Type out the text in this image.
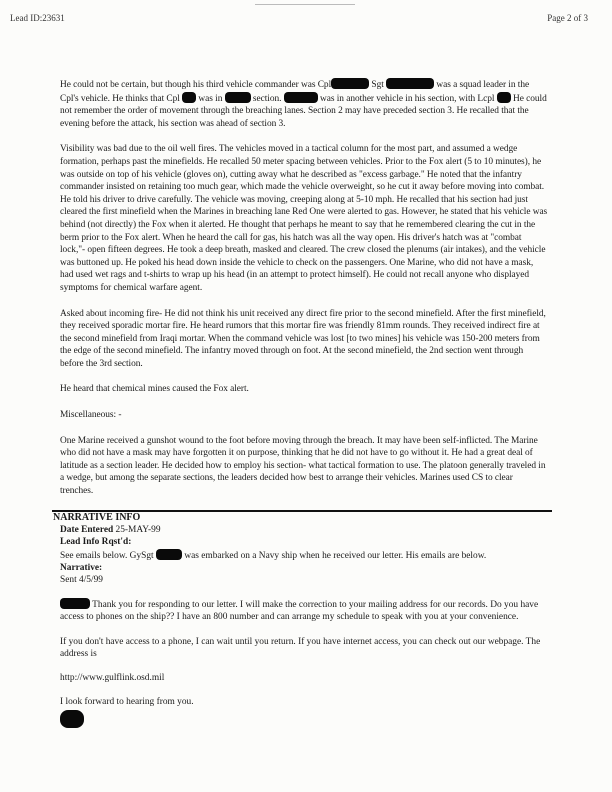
Lead ID:23631	Page 2 of 3

He could not be certain, but though his third vehicle commander was Cpl	Sgt	was a squad leader in the Cpl's vehicle. He thinks that Cpl  was in	section.	was in another vehicle in his section, with Lcpl  He could not remember the order of movement through the breaching lanes. Section 2 may have preceded section 3. He recalled that the evening before the attack, his section was ahead of section 3.

Visibility was bad due to the oil well fires. The vehicles moved in a tactical column for the most part, and assumed a wedge formation, perhaps past the minefields. He recalled 50 meter spacing between vehicles. Prior to the Fox alert (5 to 10 minutes), he was outside on top of his vehicle (gloves on), cutting away what he described as "excess garbage." He noted that the infantry commander insisted on retaining too much gear, which made the vehicle overweight, so he cut it away before moving into combat. He told his driver to drive carefully. The vehicle was moving, creeping along at 5-10 mph. He recalled that his section had just cleared the first minefield when the Marines in breaching lane Red One were alerted to gas. However, he stated that his vehicle was behind (not directly) the Fox when it alerted. He thought that perhaps he meant to say that he remembered clearing the cut in the berm prior to the Fox alert. When he heard the call for gas, his hatch was all the way open. His driver's hatch was at "combat lock,"- open fifteen degrees. He took a deep breath, masked and cleared. The crew closed the plenums (air intakes), and the vehicle was buttoned up. He poked his head down inside the vehicle to check on the passengers. One Marine, who did not have a mask, had used wet rags and t-shirts to wrap up his head (in an attempt to protect himself). He could not recall anyone who displayed symptoms for chemical warfare agent.

Asked about incoming fire- He did not think his unit received any direct fire prior to the second minefield. After the first minefield, they received sporadic mortar fire. He heard rumors that this mortar fire was friendly 81mm rounds. They received indirect fire at the second minefield from Iraqi mortar. When the command vehicle was lost [to two mines] his vehicle was 150-200 meters from the edge of the second minefield. The infantry moved through on foot. At the second minefield, the 2nd section went through before the 3rd section.

He heard that chemical mines caused the Fox alert.

Miscellaneous: -

One Marine received a gunshot wound to the foot before moving through the breach. It may have been self-inflicted. The Marine who did not have a mask may have forgotten it on purpose, thinking that he did not have to go without it. He had a great deal of latitude as a section leader. He decided how to employ his section- what tactical formation to use. The platoon generally traveled in a wedge, but among the separate sections, the leaders decided how best to arrange their vehicles. Marines used CS to clear trenches.

NARRATIVE INFO
Date Entered 25-MAY-99
Lead Info Rqst'd:
See emails below. GySgt	was embarked on a Navy ship when he received our letter. His emails are below.
Narrative:

Sent 4/5/99

Thank you for responding to our letter. I will make the correction to your mailing address for our records. Do you have access to phones on the ship?? I have an 800 number and can arrange my schedule to speak with you at your convenience.

If you don't have access to a phone, I can wait until you return. If you have internet access, you can check out our webpage. The address is

http://www.gulflink.osd.mil

I look forward to hearing from you.
